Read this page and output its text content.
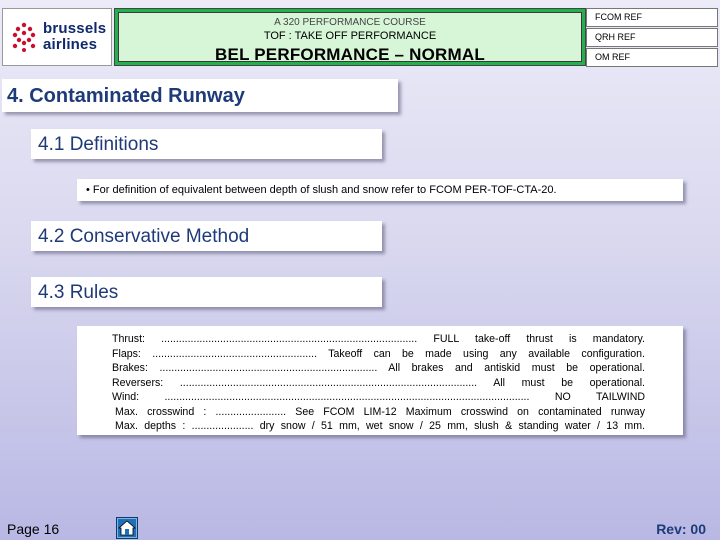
brussels
airlines
A 320 PERFORMANCE COURSE
TOF : TAKE OFF PERFORMANCE
BEL PERFORMANCE – NORMAL
FCOM REF
QRH REF
OM REF
4. Contaminated Runway
4.1 Definitions
• For definition of equivalent between depth of slush and snow refer to FCOM PER-TOF-CTA-20.
4.2 Conservative Method
4.3 Rules
Thrust: ....................................................................................... FULL take-off thrust is mandatory.
Flaps: ........................................................ Takeoff can be made using any available configuration.
Brakes: .......................................................................... All brakes and antiskid must be operational.
Reversers: ..................................................................................................... All must be operational.
Wind: ............................................................................................................................ NO TAILWIND
Max. crosswind : ........................ See FCOM LIM-12 Maximum crosswind on contaminated runway
Max. depths : ..................... dry snow / 51 mm, wet snow / 25 mm, slush & standing water / 13 mm.
Page 16	Rev: 00
